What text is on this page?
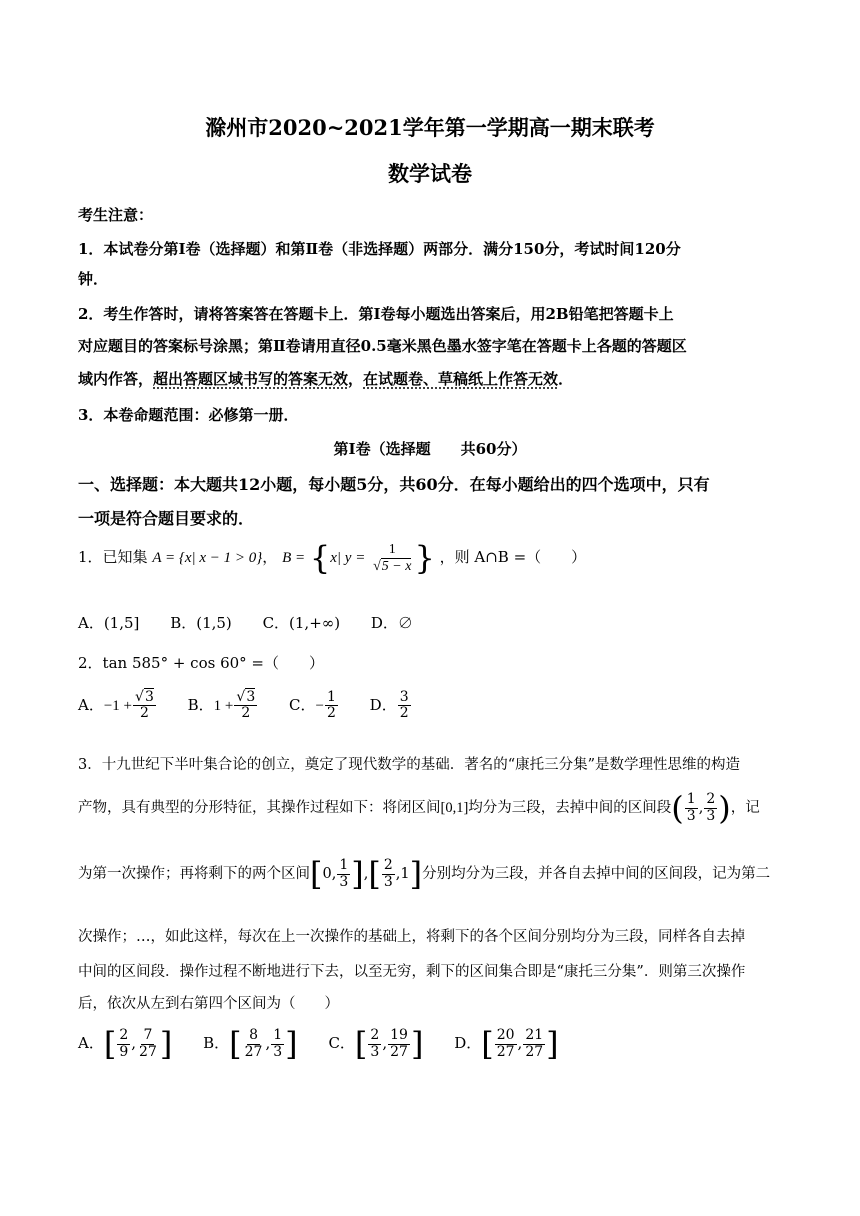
滁州市2020~2021学年第一学期高一期末联考
数学试卷
考生注意：
1．本试卷分第Ⅰ卷（选择题）和第Ⅱ卷（非选择题）两部分．满分150分，考试时间120分
钟．
2．考生作答时，请将答案答在答题卡上．第Ⅰ卷每小题选出答案后，用2B铅笔把答题卡上
对应题目的答案标号涂黑；第Ⅱ卷请用直径0.5毫米黑色墨水签字笔在答题卡上各题的答题区
域内作答，超出答题区域书写的答案无效，在试题卷、草稿纸上作答无效．
3．本卷命题范围：必修第一册．
第Ⅰ卷（选择题　　共60分）
一、选择题：本大题共12小题，每小题5分，共60分．在每小题给出的四个选项中，只有
一项是符合题目要求的．
1．已知集 A = {x| x − 1 > 0}， B = {x| $y = \frac{1}{√5 - x}$ } ，则 A∩B =（　　）
A．(1,5] B．(1,5) C．(1,+∞) D．∅
2．tan 585° + cos 60° =（　　）
A．$-1 + \frac{√3}{2}$ B．$1 + \frac{√3}{2}$ C．− $\frac{1}{2}$ D． $\frac{3}{2}$
3．十九世纪下半叶集合论的创立，奠定了现代数学的基础．著名的“康托三分集”是数学理性思维的构造
产物，具有典型的分形特征，其操作过程如下：将闭区间[0,1]均分为三段，去掉中间的区间段( $\frac{1}{3}$ , $\frac{2}{3}$ )，记
为第一次操作；再将剩下的两个区间[0, $\frac{1}{3}$ ],[ $\frac{2}{3} ,1$]分别均分为三段，并各自去掉中间的区间段，记为第二
次操作；…，如此这样，每次在上一次操作的基础上，将剩下的各个区间分别均分为三段，同样各自去掉
中间的区间段．操作过程不断地进行下去，以至无穷，剩下的区间集合即是“康托三分集”．则第三次操作
后，依次从左到右第四个区间为（　　）
A．[ $\frac{2}{9}$ , $\frac{7}{27}$ ] B．[ $\frac{8}{27}$ , $\frac{1}{3}$ ] C．[ $\frac{2}{3}$ , $\frac{19}{27}$ ] D．[ $\frac{20}{27}$ , $\frac{21}{27}$ ]
